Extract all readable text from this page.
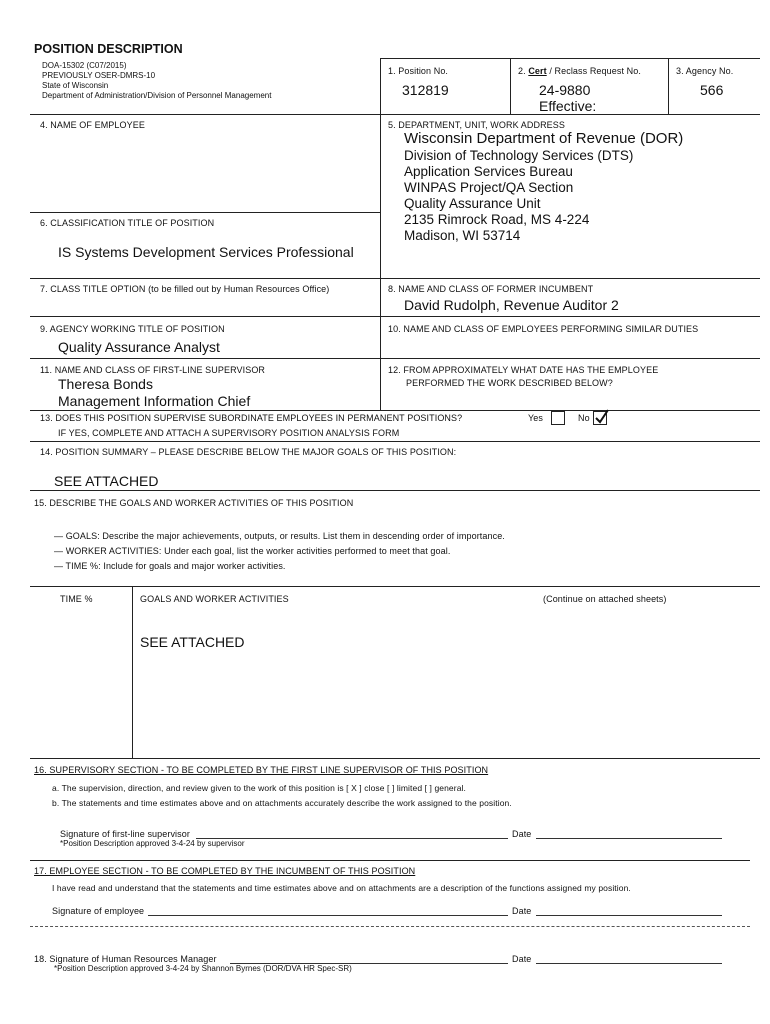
POSITION DESCRIPTION
DOA-15302 (C07/2015)
PREVIOUSLY OSER-DMRS-10
State of Wisconsin
Department of Administration/Division of Personnel Management
1. Position No.
312819
2. Cert / Reclass Request No.
24-9880
Effective:
3. Agency No.
566
4. NAME OF EMPLOYEE	5. DEPARTMENT, UNIT, WORK ADDRESS
Wisconsin Department of Revenue (DOR)
Division of Technology Services (DTS)
Application Services Bureau
WINPAS Project/QA Section
Quality Assurance Unit
2135 Rimrock Road, MS 4-224
Madison, WI 53714
6. CLASSIFICATION TITLE OF POSITION
IS Systems Development Services Professional
7. CLASS TITLE OPTION (to be filled out by Human Resources Office)	8. NAME AND CLASS OF FORMER INCUMBENT
David Rudolph, Revenue Auditor 2
9. AGENCY WORKING TITLE OF POSITION
Quality Assurance Analyst
10. NAME AND CLASS OF EMPLOYEES PERFORMING SIMILAR DUTIES
11. NAME AND CLASS OF FIRST-LINE SUPERVISOR
Theresa Bonds
Management Information Chief
12. FROM APPROXIMATELY WHAT DATE HAS THE EMPLOYEE
PERFORMED THE WORK DESCRIBED BELOW?
13. DOES THIS POSITION SUPERVISE SUBORDINATE EMPLOYEES IN PERMANENT POSITIONS?
IF YES, COMPLETE AND ATTACH A SUPERVISORY POSITION ANALYSIS FORM
Yes	No
14. POSITION SUMMARY – PLEASE DESCRIBE BELOW THE MAJOR GOALS OF THIS POSITION:
SEE ATTACHED
15. DESCRIBE THE GOALS AND WORKER ACTIVITIES OF THIS POSITION
— GOALS: Describe the major achievements, outputs, or results. List them in descending order of importance.
— WORKER ACTIVITIES: Under each goal, list the worker activities performed to meet that goal.
— TIME %: Include for goals and major worker activities.
TIME %	GOALS AND WORKER ACTIVITIES	(Continue on attached sheets)
SEE ATTACHED
16. SUPERVISORY SECTION - TO BE COMPLETED BY THE FIRST LINE SUPERVISOR OF THIS POSITION
a. The supervision, direction, and review given to the work of this position is [ X ] close [ ] limited [ ] general.
b. The statements and time estimates above and on attachments accurately describe the work assigned to the position.
Signature of first-line supervisor
*Position Description approved 3-4-24 by supervisor
Date
17. EMPLOYEE SECTION - TO BE COMPLETED BY THE INCUMBENT OF THIS POSITION
I have read and understand that the statements and time estimates above and on attachments are a description of the functions assigned my position.
Signature of employee	Date
18. Signature of Human Resources Manager
*Position Description approved 3-4-24 by Shannon Byrnes (DOR/DVA HR Spec-SR)
Date
